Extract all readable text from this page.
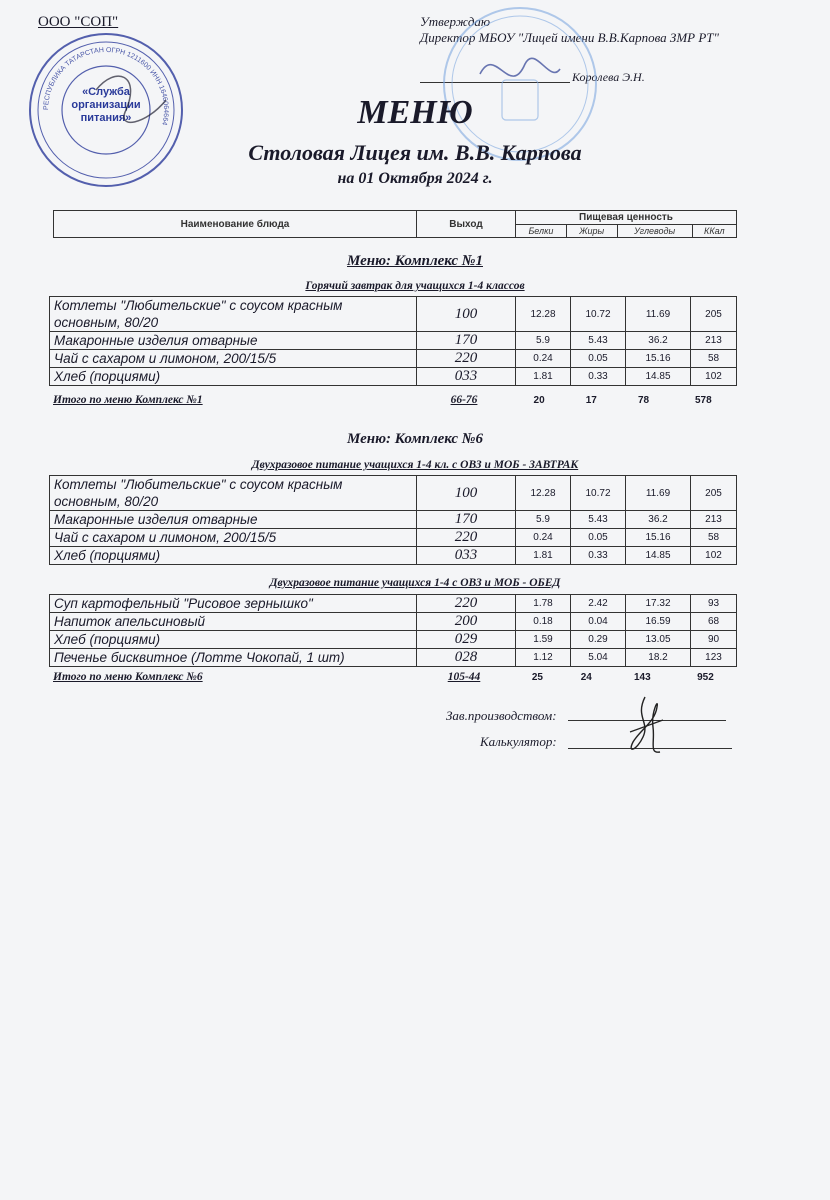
ООО "СОП"
РЕСПУБЛИКА ТАТАРСТАН ОГРН 1211600 ИНН 1646064664
«Служба организации питания»
Утверждаю
Директор МБОУ "Лицей имени В.В.Карпова ЗМР РТ"
Королева Э.Н.
МЕНЮ
Столовая Лицея им. В.В. Карпова
на 01 Октября 2024 г.
Наименование блюда	Выход	Пищевая ценность			
		Белки	Жиры	Углеводы	ККал
Меню: Комплекс №1
Горячий завтрак для учащихся 1-4 классов
Котлеты "Любительские" с соусом красным основным, 80/20	100	12.28	10.72	11.69	205
Макаронные изделия отварные	170	5.9	5.43	36.2	213
Чай с сахаром и лимоном, 200/15/5	220	0.24	0.05	15.16	58
Хлеб (порциями)	033	1.81	0.33	14.85	102
Итого по меню Комплекс №1	66-76	20	17	78	578
Меню: Комплекс №6
Двухразовое питание учащихся 1-4 кл. с ОВЗ и МОБ - ЗАВТРАК
Котлеты "Любительские" с соусом красным основным, 80/20	100	12.28	10.72	11.69	205
Макаронные изделия отварные	170	5.9	5.43	36.2	213
Чай с сахаром и лимоном, 200/15/5	220	0.24	0.05	15.16	58
Хлеб (порциями)	033	1.81	0.33	14.85	102
Двухразовое питание учащихся 1-4 с ОВЗ и МОБ - ОБЕД
Суп картофельный "Рисовое зернышко"	220	1.78	2.42	17.32	93
Напиток апельсиновый	200	0.18	0.04	16.59	68
Хлеб (порциями)	029	1.59	0.29	13.05	90
Печенье бисквитное (Лотте Чокопай, 1 шт)	028	1.12	5.04	18.2	123
Итого по меню Комплекс №6	105-44	25	24	143	952
Зав.производством:
Калькулятор:
